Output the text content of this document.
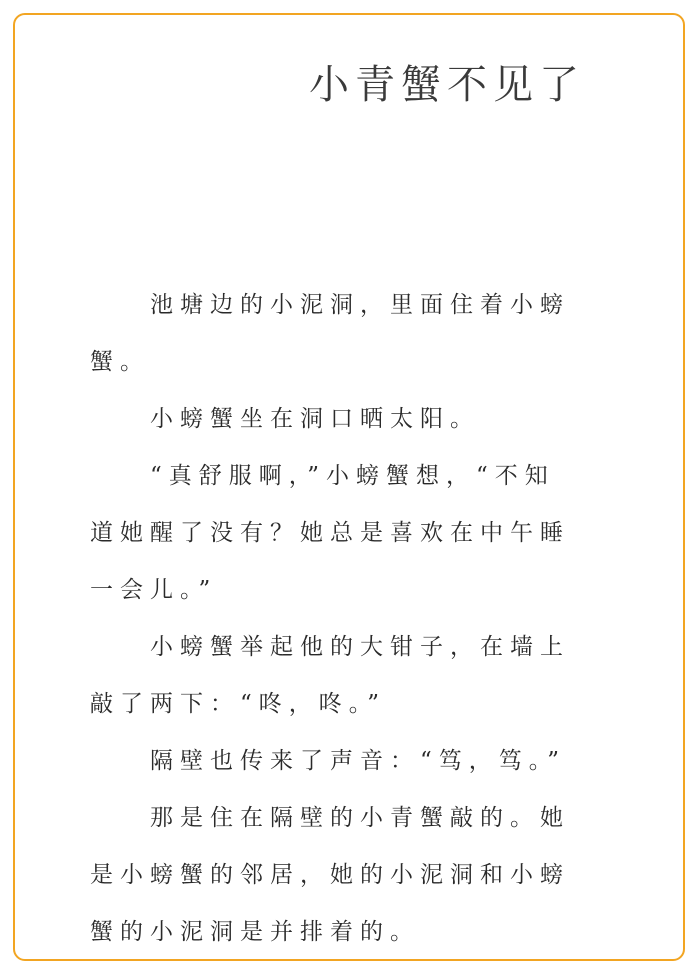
小青蟹不见了
池塘边的小泥洞，里面住着小螃
蟹。
小螃蟹坐在洞口晒太阳。
“真舒服啊，”小螃蟹想，“不知
道她醒了没有？她总是喜欢在中午睡
一会儿。”
小螃蟹举起他的大钳子，在墙上
敲了两下：“咚，咚。”
隔壁也传来了声音：“笃，笃。”
那是住在隔壁的小青蟹敲的。她
是小螃蟹的邻居，她的小泥洞和小螃
蟹的小泥洞是并排着的。
